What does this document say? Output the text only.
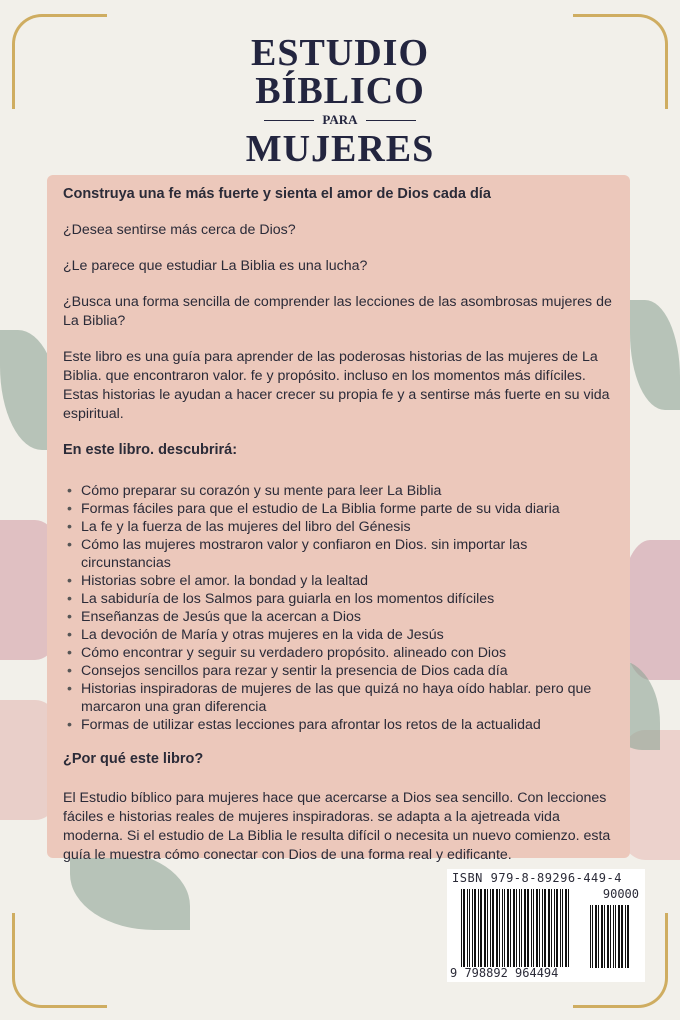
ESTUDIO
BÍBLICO
PARA
MUJERES
Construya una fe más fuerte y sienta el amor de Dios cada día

¿Desea sentirse más cerca de Dios?

¿Le parece que estudiar La Biblia es una lucha?

¿Busca una forma sencilla de comprender las lecciones de las asombrosas mujeres de La Biblia?

Este libro es una guía para aprender de las poderosas historias de las mujeres de La Biblia. que encontraron valor. fe y propósito. incluso en los momentos más difíciles. Estas historias le ayudan a hacer crecer su propia fe y a sentirse más fuerte en su vida espiritual.

En este libro. descubrirá:
• Cómo preparar su corazón y su mente para leer La Biblia
• Formas fáciles para que el estudio de La Biblia forme parte de su vida diaria
• La fe y la fuerza de las mujeres del libro del Génesis
• Cómo las mujeres mostraron valor y confiaron en Dios. sin importar las circunstancias
• Historias sobre el amor. la bondad y la lealtad
• La sabiduría de los Salmos para guiarla en los momentos difíciles
• Enseñanzas de Jesús que la acercan a Dios
• La devoción de María y otras mujeres en la vida de Jesús
• Cómo encontrar y seguir su verdadero propósito. alineado con Dios
• Consejos sencillos para rezar y sentir la presencia de Dios cada día
• Historias inspiradoras de mujeres de las que quizá no haya oído hablar. pero que marcaron una gran diferencia
• Formas de utilizar estas lecciones para afrontar los retos de la actualidad
¿Por qué este libro?

El Estudio bíblico para mujeres hace que acercarse a Dios sea sencillo. Con lecciones fáciles e historias reales de mujeres inspiradoras. se adapta a la ajetreada vida moderna. Si el estudio de La Biblia le resulta difícil o necesita un nuevo comienzo. esta guía le muestra cómo conectar con Dios de una forma real y edificante.

ISBN 979-8-89296-449-4
90000
9 798892 964494
